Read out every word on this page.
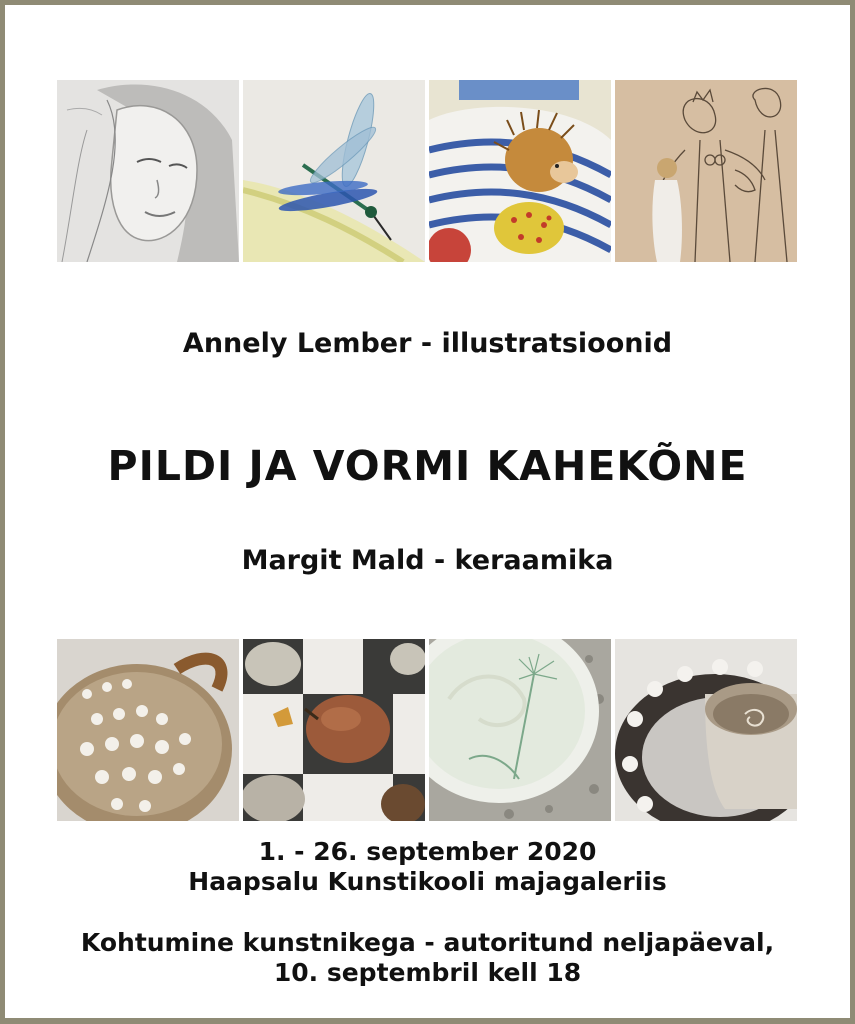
Annely Lember - illustratsioonid
PILDI JA VORMI KAHEKÕNE
Margit Mald - keraamika
1. - 26. september 2020
Haapsalu Kunstikooli majagaleriis
Kohtumine kunstnikega - autoritund neljapäeval,
10. septembril kell 18
